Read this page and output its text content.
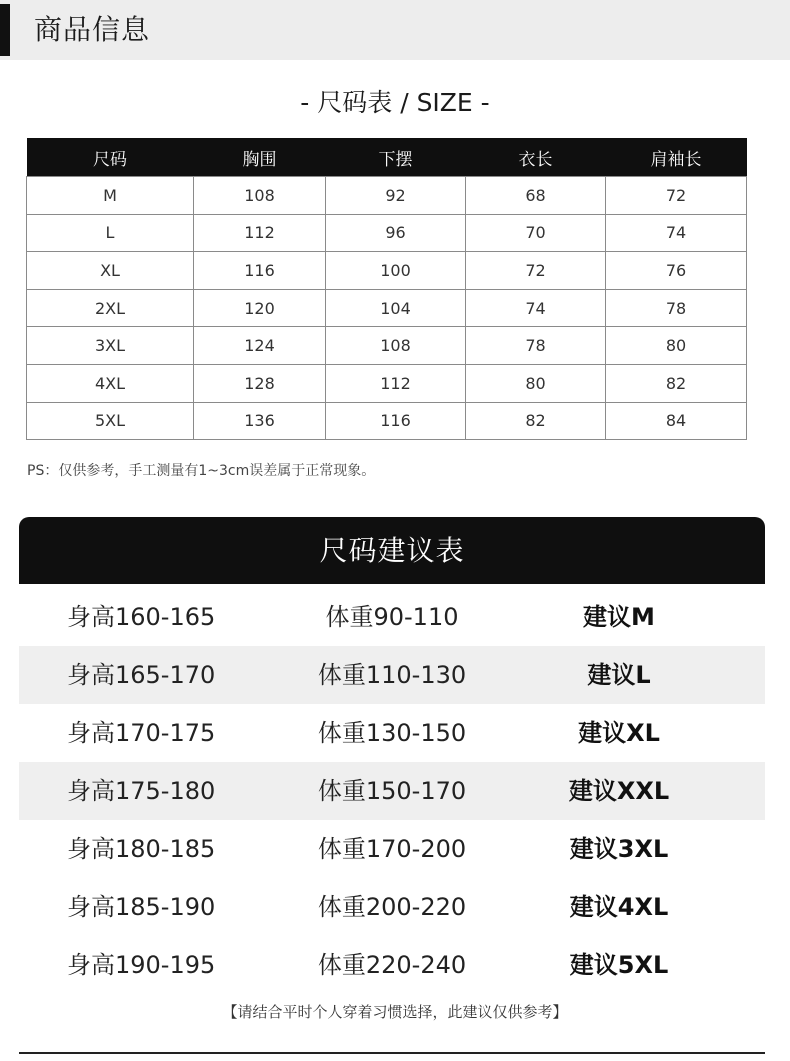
商品信息
- 尺码表 / SIZE -
尺码	胸围	下摆	衣长	肩袖长
M	108	92	68	72
L	112	96	70	74
XL	116	100	72	76
2XL	120	104	74	78
3XL	124	108	78	80
4XL	128	112	80	82
5XL	136	116	82	84
PS：仅供参考，手工测量有1~3cm误差属于正常现象。
尺码建议表
身高160-165	体重90-110	建议M
身高165-170	体重110-130	建议L
身高170-175	体重130-150	建议XL
身高175-180	体重150-170	建议XXL
身高180-185	体重170-200	建议3XL
身高185-190	体重200-220	建议4XL
身高190-195	体重220-240	建议5XL
【请结合平时个人穿着习惯选择，此建议仅供参考】
